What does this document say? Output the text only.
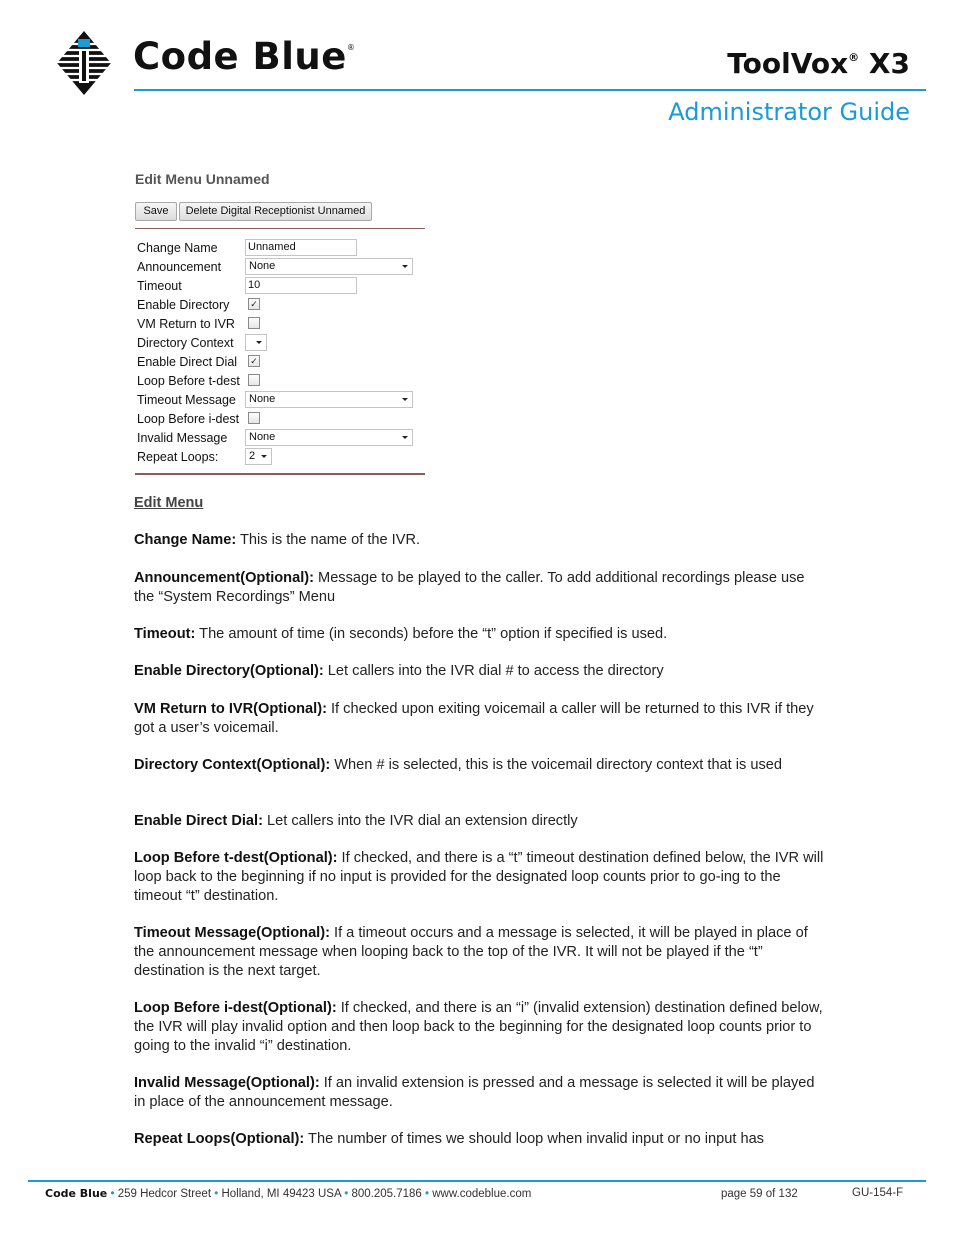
Code Blue®	ToolVox® X3
Administrator Guide
Edit Menu Unnamed
Save	Delete Digital Receptionist Unnamed
Change Name	Unnamed
Announcement	None
Timeout	10
Enable Directory ✓
VM Return to IVR
Directory Context
Enable Direct Dial ✓
Loop Before t-dest
Timeout Message	None
Loop Before i-dest
Invalid Message	None
Repeat Loops:	2
Edit Menu
Change Name: This is the name of the IVR.
Announcement(Optional): Message to be played to the caller. To add additional recordings please use the “System Recordings” Menu
Timeout: The amount of time (in seconds) before the “t” option if specified is used.
Enable Directory(Optional): Let callers into the IVR dial # to access the directory
VM Return to IVR(Optional): If checked upon exiting voicemail a caller will be returned to this IVR if they got a user’s voicemail.
Directory Context(Optional): When # is selected, this is the voicemail directory context that is used
Enable Direct Dial: Let callers into the IVR dial an extension directly
Loop Before t-dest(Optional): If checked, and there is a “t” timeout destination defined below, the IVR will loop back to the beginning if no input is provided for the designated loop counts prior to go-ing to the timeout “t” destination.
Timeout Message(Optional): If a timeout occurs and a message is selected, it will be played in place of the announcement message when looping back to the top of the IVR. It will not be played if the “t” destination is the next target.
Loop Before i-dest(Optional): If checked, and there is an “i” (invalid extension) destination defined below, the IVR will play invalid option and then loop back to the beginning for the designated loop counts prior to going to the invalid “i” destination.
Invalid Message(Optional): If an invalid extension is pressed and a message is selected it will be played in place of the announcement message.
Repeat Loops(Optional): The number of times we should loop when invalid input or no input has
Code Blue • 259 Hedcor Street • Holland, MI 49423 USA • 800.205.7186 • www.codeblue.com	page 59 of 132	GU-154-F
